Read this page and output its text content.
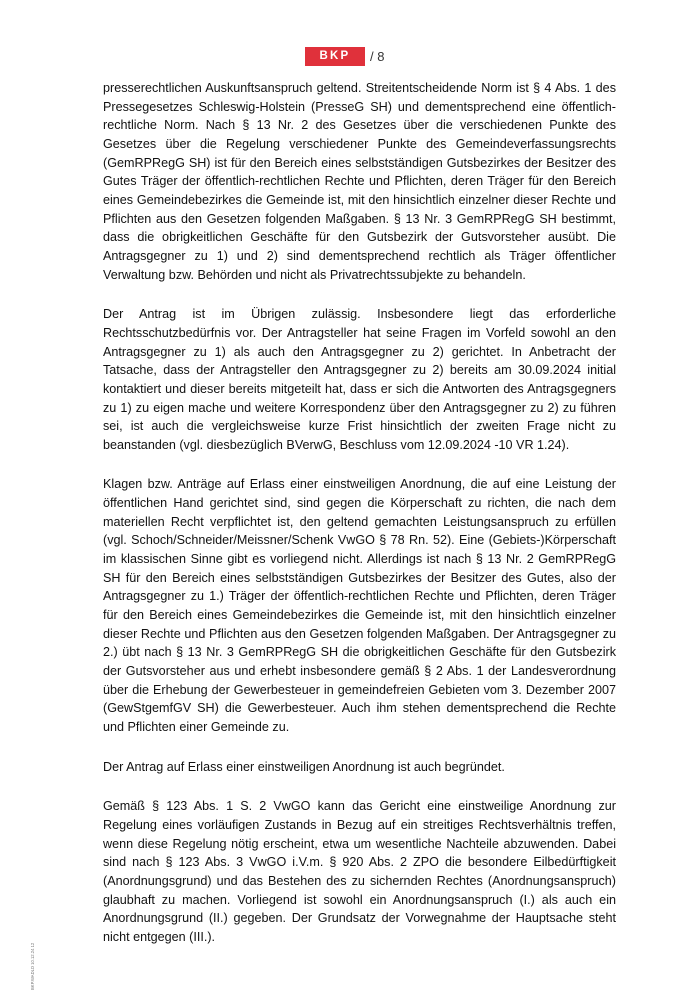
BKP	/ 8

presserechtlichen Auskunftsanspruch geltend. Streitentscheidende Norm ist § 4 Abs. 1 des Pressegesetzes Schleswig-Holstein (PresseG SH) und dementsprechend eine öffentlich-rechtliche Norm. Nach § 13 Nr. 2 des Gesetzes über die verschiedenen Punkte des Gesetzes über die Regelung verschiedener Punkte des Gemeindeverfassungsrechts (GemRPRegG SH) ist für den Bereich eines selbstständigen Gutsbezirkes der Besitzer des Gutes Träger der öffentlich-rechtlichen Rechte und Pflichten, deren Träger für den Bereich eines Gemeindebezirkes die Gemeinde ist, mit den hinsichtlich einzelner dieser Rechte und Pflichten aus den Gesetzen folgenden Maßgaben. § 13 Nr. 3 GemRPRegG SH bestimmt, dass die obrigkeitlichen Geschäfte für den Gutsbezirk der Gutsvorsteher ausübt. Die Antragsgegner zu 1) und 2) sind dementsprechend rechtlich als Träger öffentlicher Verwaltung bzw. Behörden und nicht als Privatrechtssubjekte zu behandeln.

Der Antrag ist im Übrigen zulässig. Insbesondere liegt das erforderliche Rechtsschutzbedürfnis vor. Der Antragsteller hat seine Fragen im Vorfeld sowohl an den Antragsgegner zu 1) als auch den Antragsgegner zu 2) gerichtet. In Anbetracht der Tatsache, dass der Antragsteller den Antragsgegner zu 2) bereits am 30.09.2024 initial kontaktiert und dieser bereits mitgeteilt hat, dass er sich die Antworten des Antragsgegners zu 1) zu eigen mache und weitere Korrespondenz über den Antragsgegner zu 2) zu führen sei, ist auch die vergleichsweise kurze Frist hinsichtlich der zweiten Frage nicht zu beanstanden (vgl. diesbezüglich BVerwG, Beschluss vom 12.09.2024 -10 VR 1.24).

Klagen bzw. Anträge auf Erlass einer einstweiligen Anordnung, die auf eine Leistung der öffentlichen Hand gerichtet sind, sind gegen die Körperschaft zu richten, die nach dem materiellen Recht verpflichtet ist, den geltend gemachten Leistungsanspruch zu erfüllen (vgl. Schoch/Schneider/Meissner/Schenk VwGO § 78 Rn. 52). Eine (Gebiets-)Körperschaft im klassischen Sinne gibt es vorliegend nicht. Allerdings ist nach § 13 Nr. 2 GemRPRegG SH für den Bereich eines selbstständigen Gutsbezirkes der Besitzer des Gutes, also der Antragsgegner zu 1.) Träger der öffentlich-rechtlichen Rechte und Pflichten, deren Träger für den Bereich eines Gemeindebezirkes die Gemeinde ist, mit den hinsichtlich einzelner dieser Rechte und Pflichten aus den Gesetzen folgenden Maßgaben. Der Antragsgegner zu 2.) übt nach § 13 Nr. 3 GemRPRegG SH die obrigkeitlichen Geschäfte für den Gutsbezirk der Gutsvorsteher aus und erhebt insbesondere gemäß § 2 Abs. 1 der Landesverordnung über die Erhebung der Gewerbesteuer in gemeindefreien Gebieten vom 3. Dezember 2007 (GewStgemfGV SH) die Gewerbesteuer. Auch ihm stehen dementsprechend die Rechte und Pflichten einer Gemeinde zu.

Der Antrag auf Erlass einer einstweiligen Anordnung ist auch begründet.

Gemäß § 123 Abs. 1 S. 2 VwGO kann das Gericht eine einstweilige Anordnung zur Regelung eines vorläufigen Zustands in Bezug auf ein streitiges Rechtsverhältnis treffen, wenn diese Regelung nötig erscheint, etwa um wesentliche Nachteile abzuwenden. Dabei sind nach § 123 Abs. 3 VwGO i.V.m. § 920 Abs. 2 ZPO die besondere Eilbedürftigkeit (Anordnungsgrund) und das Bestehen des zu sichernden Rechtes (Anordnungsanspruch) glaubhaft zu machen. Vorliegend ist sowohl ein Anordnungsanspruch (I.) als auch ein Anordnungsgrund (II.) gegeben. Der Grundsatz der Vorwegnahme der Hauptsache steht nicht entgegen (III.).

BKP.WADLD 10.12.24 12
